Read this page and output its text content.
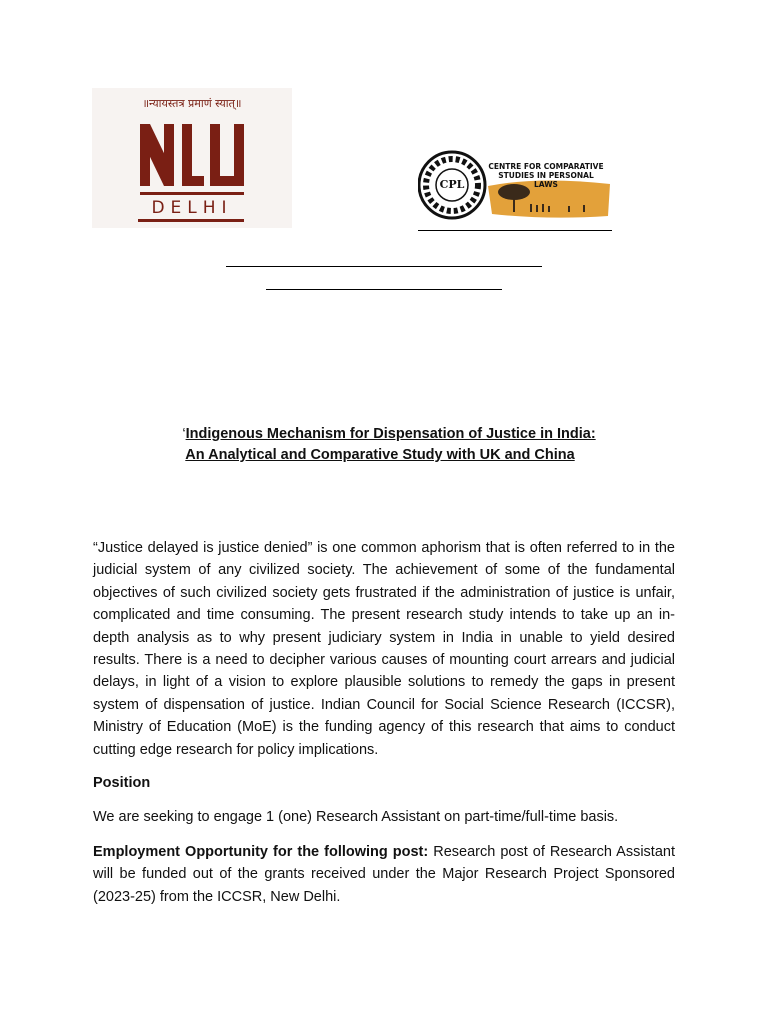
॥न्यायस्तत्र प्रमाणं स्यात्॥
DELHI
CPL
CENTRE FOR COMPARATIVE STUDIES IN PERSONAL LAWS
‘Indigenous Mechanism for Dispensation of Justice in India:
An Analytical and Comparative Study with UK and China
“Justice delayed is justice denied” is one common aphorism that is often referred to in the judicial system of any civilized society. The achievement of some of the fundamental objectives of such civilized society gets frustrated if the administration of justice is unfair, complicated and time consuming. The present research study intends to take up an in-depth analysis as to why present judiciary system in India in unable to yield desired results. There is a need to decipher various causes of mounting court arrears and judicial delays, in light of a vision to explore plausible solutions to remedy the gaps in present system of dispensation of justice. Indian Council for Social Science Research (ICCSR), Ministry of Education (MoE) is the funding agency of this research that aims to conduct cutting edge research for policy implications.
Position
We are seeking to engage 1 (one) Research Assistant on part-time/full-time basis.
Employment Opportunity for the following post: Research post of Research Assistant will be funded out of the grants received under the Major Research Project Sponsored (2023-25) from the ICCSR, New Delhi.
